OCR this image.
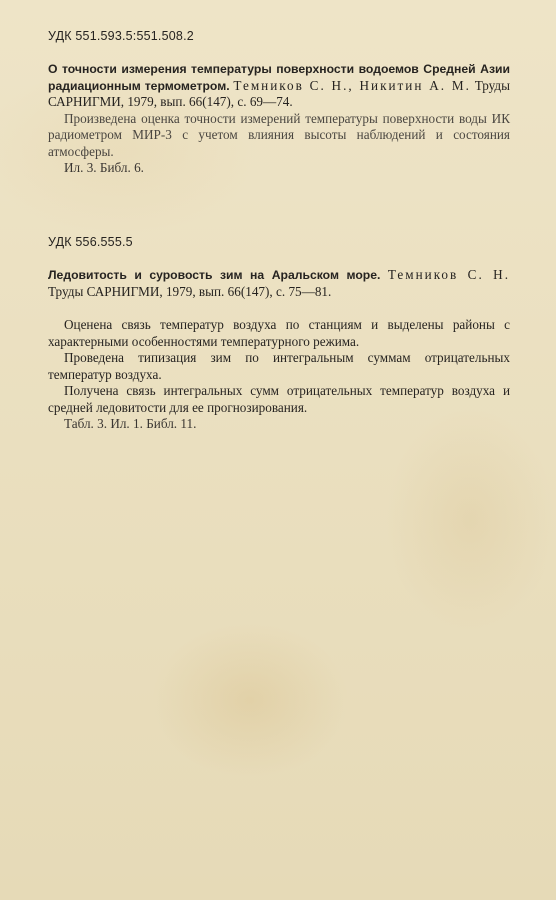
УДК 551.593.5:551.508.2

О точности измерения температуры поверхности водоемов Средней Азии радиационным термометром. Темников С. Н., Никитин А. М. Труды САРНИГМИ, 1979, вып. 66(147), с. 69—74.

Произведена оценка точности измерений температуры поверхности воды ИК радиометром МИР-3 с учетом влияния высоты наблюдений и состояния атмосферы.

Ил. 3. Библ. 6.

УДК 556.555.5

Ледовитость и суровость зим на Аральском море. Темников С. Н. Труды САРНИГМИ, 1979, вып. 66(147), с. 75—81.

Оценена связь температур воздуха по станциям и выделены районы с характерными особенностями температурного режима.

Проведена типизация зим по интегральным суммам отрицательных температур воздуха.

Получена связь интегральных сумм отрицательных температур воздуха и средней ледовитости для ее прогнозирования.

Табл. 3. Ил. 1. Библ. 11.
